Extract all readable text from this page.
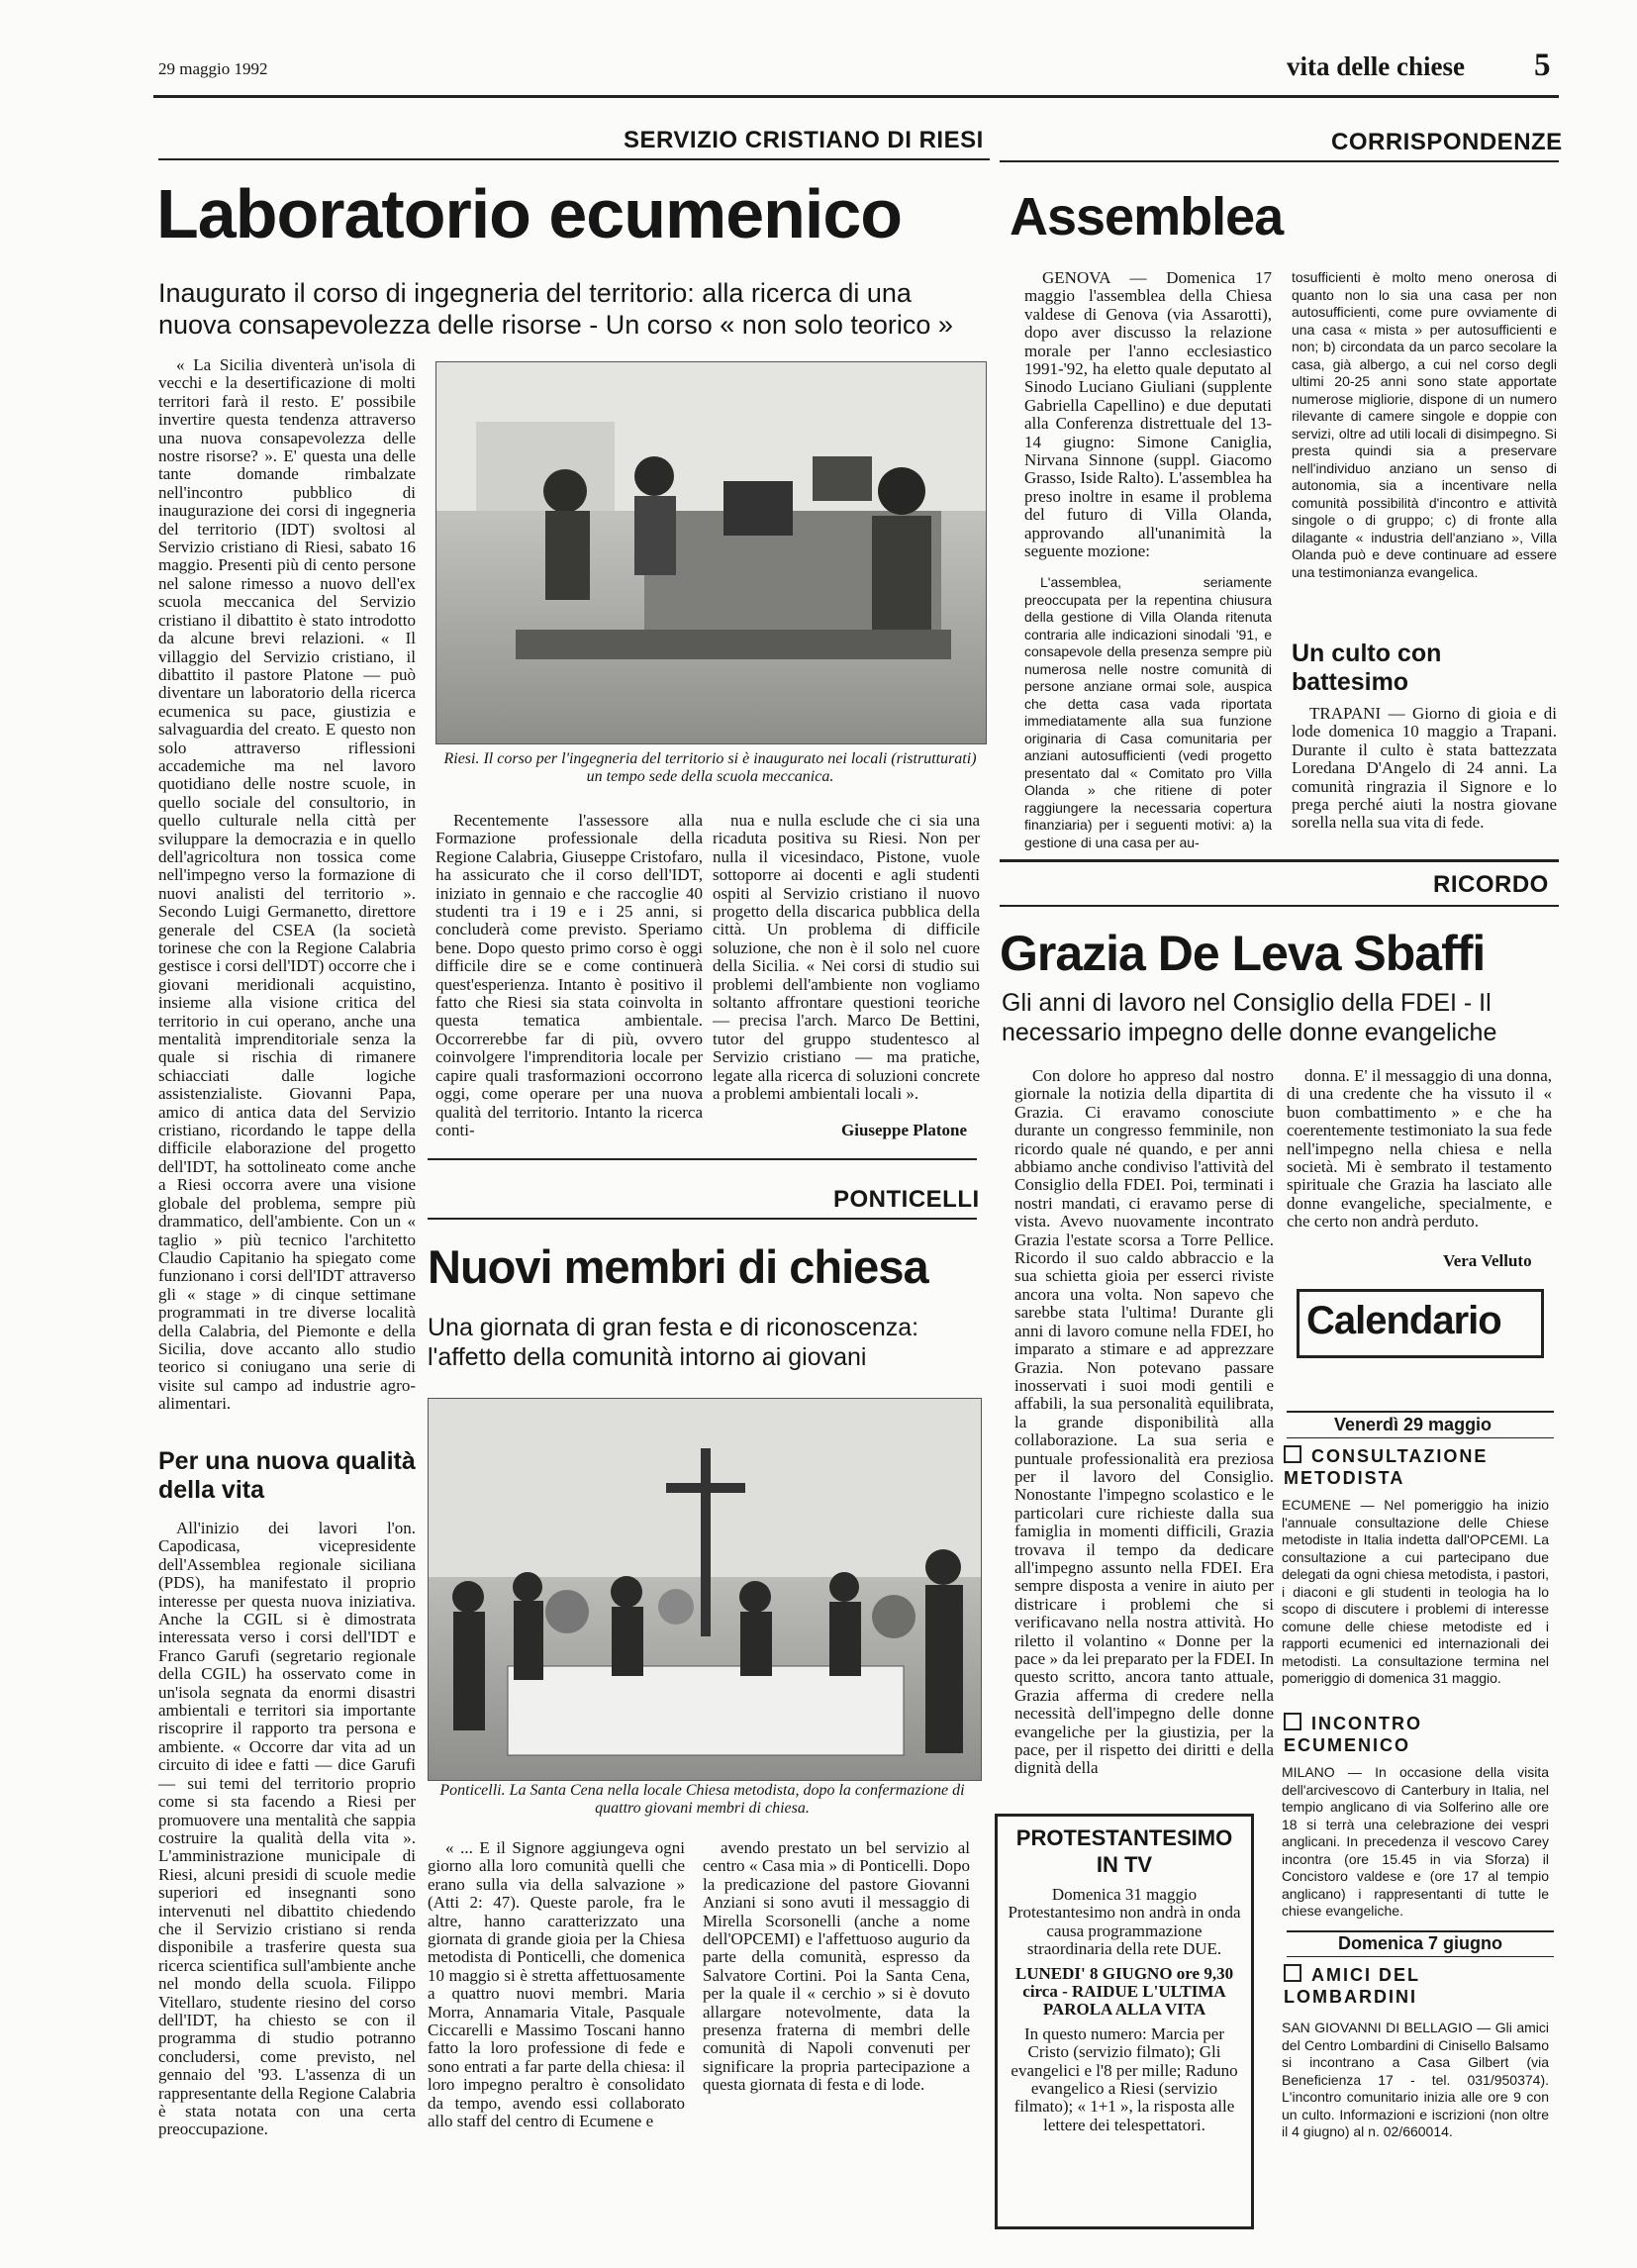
29 maggio 1992	vita delle chiese 5
SERVIZIO CRISTIANO DI RIESI
Laboratorio ecumenico
Inaugurato il corso di ingegneria del territorio: alla ricerca di una nuova consapevolezza delle risorse - Un corso « non solo teorico »

« La Sicilia diventerà un'isola di vecchi e la desertificazione di molti territori farà il resto. E' possibile invertire questa tendenza attraverso una nuova consapevolezza delle nostre risorse? ». E' questa una delle tante domande rimbalzate nell'incontro pubblico di inaugurazione dei corsi di ingegneria del territorio (IDT) svoltosi al Servizio cristiano di Riesi, sabato 16 maggio. Presenti più di cento persone nel salone rimesso a nuovo dell'ex scuola meccanica del Servizio cristiano il dibattito è stato introdotto da alcune brevi relazioni. « Il villaggio del Servizio cristiano, il dibattito il pastore Platone — può diventare un laboratorio della ricerca ecumenica su pace, giustizia e salvaguardia del creato. E questo non solo attraverso riflessioni accademiche ma nel lavoro quotidiano delle nostre scuole, in quello sociale del consultorio, in quello culturale nella città per sviluppare la democrazia e in quello dell'agricoltura non tossica come nell'impegno verso la formazione di nuovi analisti del territorio ». Secondo Luigi Germanetto, direttore generale del CSEA (la società torinese che con la Regione Calabria gestisce i corsi dell'IDT) occorre che i giovani meridionali acquistino, insieme alla visione critica del territorio in cui operano, anche una mentalità imprenditoriale senza la quale si rischia di rimanere schiacciati dalle logiche assistenzialiste. Giovanni Papa, amico di antica data del Servizio cristiano, ricordando le tappe della difficile elaborazione del progetto dell'IDT, ha sottolineato come anche a Riesi occorra avere una visione globale del problema, sempre più drammatico, dell'ambiente. Con un « taglio » più tecnico l'architetto Claudio Capitanio ha spiegato come funzionano i corsi dell'IDT attraverso gli « stage » di cinque settimane programmati in tre diverse località della Calabria, del Piemonte e della Sicilia, dove accanto allo studio teorico si coniugano una serie di visite sul campo ad industrie agro-alimentari.

Per una nuova qualità della vita

All'inizio dei lavori l'on. Capodicasa, vicepresidente dell'Assemblea regionale siciliana (PDS), ha manifestato il proprio interesse per questa nuova iniziativa. Anche la CGIL si è dimostrata interessata verso i corsi dell'IDT e Franco Garufi (segretario regionale della CGIL) ha osservato come in un'isola segnata da enormi disastri ambientali e territori sia importante riscoprire il rapporto tra persona e ambiente. « Occorre dar vita ad un circuito di idee e fatti — dice Garufi — sui temi del territorio proprio come si sta facendo a Riesi per promuovere una mentalità che sappia costruire la qualità della vita ». L'amministrazione municipale di Riesi, alcuni presidi di scuole medie superiori ed insegnanti sono intervenuti nel dibattito chiedendo che il Servizio cristiano si renda disponibile a trasferire questa sua ricerca scientifica sull'ambiente anche nel mondo della scuola. Filippo Vitellaro, studente riesino del corso dell'IDT, ha chiesto se con il programma di studio potranno concludersi, come previsto, nel gennaio del '93. L'assenza di un rappresentante della Regione Calabria è stata notata con una certa preoccupazione.

Riesi. Il corso per l'ingegneria del territorio si è inaugurato nei locali (ristrutturati) un tempo sede della scuola meccanica.

Recentemente l'assessore alla Formazione professionale della Regione Calabria, Giuseppe Cristofaro, ha assicurato che il corso dell'IDT, iniziato in gennaio e che raccoglie 40 studenti tra i 19 e i 25 anni, si concluderà come previsto. Speriamo bene. Dopo questo primo corso è oggi difficile dire se e come continuerà quest'esperienza. Intanto è positivo il fatto che Riesi sia stata coinvolta in questa tematica ambientale. Occorrerebbe far di più, ovvero coinvolgere l'imprenditoria locale per capire quali trasformazioni occorrono oggi, come operare per una nuova qualità del territorio. Intanto la ricerca conti-

nua e nulla esclude che ci sia una ricaduta positiva su Riesi. Non per nulla il vicesindaco, Pistone, vuole sottoporre ai docenti e agli studenti ospiti al Servizio cristiano il nuovo progetto della discarica pubblica della città. Un problema di difficile soluzione, che non è il solo nel cuore della Sicilia. « Nei corsi di studio sui problemi dell'ambiente non vogliamo soltanto affrontare questioni teoriche — precisa l'arch. Marco De Bettini, tutor del gruppo studentesco al Servizio cristiano — ma pratiche, legate alla ricerca di soluzioni concrete a problemi ambientali locali ».

Giuseppe Platone
PONTICELLI
Nuovi membri di chiesa
Una giornata di gran festa e di riconoscenza: l'affetto della comunità intorno ai giovani
Ponticelli. La Santa Cena nella locale Chiesa metodista, dopo la confermazione di quattro giovani membri di chiesa.

« ... E il Signore aggiungeva ogni giorno alla loro comunità quelli che erano sulla via della salvazione » (Atti 2: 47). Queste parole, fra le altre, hanno caratterizzato una giornata di grande gioia per la Chiesa metodista di Ponticelli, che domenica 10 maggio si è stretta affettuosamente a quattro nuovi membri. Maria Morra, Annamaria Vitale, Pasquale Ciccarelli e Massimo Toscani hanno fatto la loro professione di fede e sono entrati a far parte della chiesa: il loro impegno peraltro è consolidato da tempo, avendo essi collaborato allo staff del centro di Ecumene e

avendo prestato un bel servizio al centro « Casa mia » di Ponticelli. Dopo la predicazione del pastore Giovanni Anziani si sono avuti il messaggio di Mirella Scorsonelli (anche a nome dell'OPCEMI) e l'affettuoso augurio da parte della comunità, espresso da Salvatore Cortini. Poi la Santa Cena, per la quale il « cerchio » si è dovuto allargare notevolmente, data la presenza fraterna di membri delle comunità di Napoli convenuti per significare la propria partecipazione a questa giornata di festa e di lode.

CORRISPONDENZE
Assemblea

GENOVA — Domenica 17 maggio l'assemblea della Chiesa valdese di Genova (via Assarotti), dopo aver discusso la relazione morale per l'anno ecclesiastico 1991-'92, ha eletto quale deputato al Sinodo Luciano Giuliani (supplente Gabriella Capellino) e due deputati alla Conferenza distrettuale del 13-14 giugno: Simone Caniglia, Nirvana Sinnone (suppl. Giacomo Grasso, Iside Ralto). L'assemblea ha preso inoltre in esame il problema del futuro di Villa Olanda, approvando all'unanimità la seguente mozione:

L'assemblea, seriamente preoccupata per la repentina chiusura della gestione di Villa Olanda ritenuta contraria alle indicazioni sinodali '91, e consapevole della presenza sempre più numerosa nelle nostre comunità di persone anziane ormai sole, auspica che detta casa vada riportata immediatamente alla sua funzione originaria di Casa comunitaria per anziani autosufficienti (vedi progetto presentato dal « Comitato pro Villa Olanda » che ritiene di poter raggiungere la necessaria copertura finanziaria) per i seguenti motivi: a) la gestione di una casa per au-

tosufficienti è molto meno onerosa di quanto non lo sia una casa per non autosufficienti, come pure ovviamente di una casa « mista » per autosufficienti e non; b) circondata da un parco secolare la casa, già albergo, a cui nel corso degli ultimi 20-25 anni sono state apportate numerose migliorie, dispone di un numero rilevante di camere singole e doppie con servizi, oltre ad utili locali di disimpegno. Si presta quindi sia a preservare nell'individuo anziano un senso di autonomia, sia a incentivare nella comunità possibilità d'incontro e attività singole o di gruppo; c) di fronte alla dilagante « industria dell'anziano », Villa Olanda può e deve continuare ad essere una testimonianza evangelica.

Un culto con battesimo

TRAPANI — Giorno di gioia e di lode domenica 10 maggio a Trapani. Durante il culto è stata battezzata Loredana D'Angelo di 24 anni. La comunità ringrazia il Signore e lo prega perché aiuti la nostra giovane sorella nella sua vita di fede.

RICORDO
Grazia De Leva Sbaffi
Gli anni di lavoro nel Consiglio della FDEI - Il necessario impegno delle donne evangeliche

Con dolore ho appreso dal nostro giornale la notizia della dipartita di Grazia. Ci eravamo conosciute durante un congresso femminile, non ricordo quale né quando, e per anni abbiamo anche condiviso l'attività del Consiglio della FDEI. Poi, terminati i nostri mandati, ci eravamo perse di vista. Avevo nuovamente incontrato Grazia l'estate scorsa a Torre Pellice. Ricordo il suo caldo abbraccio e la sua schietta gioia per esserci riviste ancora una volta. Non sapevo che sarebbe stata l'ultima! Durante gli anni di lavoro comune nella FDEI, ho imparato a stimare e ad apprezzare Grazia. Non potevano passare inosservati i suoi modi gentili e affabili, la sua personalità equilibrata, la grande disponibilità alla collaborazione. La sua seria e puntuale professionalità era preziosa per il lavoro del Consiglio. Nonostante l'impegno scolastico e le particolari cure richieste dalla sua famiglia in momenti difficili, Grazia trovava il tempo da dedicare all'impegno assunto nella FDEI. Era sempre disposta a venire in aiuto per districare i problemi che si verificavano nella nostra attività. Ho riletto il volantino « Donne per la pace » da lei preparato per la FDEI. In questo scritto, ancora tanto attuale, Grazia afferma di credere nella necessità dell'impegno delle donne evangeliche per la giustizia, per la pace, per il rispetto dei diritti e della dignità della

donna. E' il messaggio di una donna, di una credente che ha vissuto il « buon combattimento » e che ha coerentemente testimoniato la sua fede nell'impegno nella chiesa e nella società. Mi è sembrato il testamento spirituale che Grazia ha lasciato alle donne evangeliche, specialmente, e che certo non andrà perduto.

Vera Velluto
PROTESTANTESIMO IN TV
Domenica 31 maggio Protestantesimo non andrà in onda causa programmazione straordinaria della rete DUE.
LUNEDI' 8 GIUGNO ore 9,30 circa - RAIDUE L'ULTIMA PAROLA ALLA VITA
In questo numero: Marcia per Cristo (servizio filmato); Gli evangelici e l'8 per mille; Raduno evangelico a Riesi (servizio filmato); « 1+1 », la risposta alle lettere dei telespettatori.
Calendario
Venerdì 29 maggio
CONSULTAZIONE METODISTA

ECUMENE — Nel pomeriggio ha inizio l'annuale consultazione delle Chiese metodiste in Italia indetta dall'OPCEMI. La consultazione a cui partecipano due delegati da ogni chiesa metodista, i pastori, i diaconi e gli studenti in teologia ha lo scopo di discutere i problemi di interesse comune delle chiese metodiste ed i rapporti ecumenici ed internazionali dei metodisti. La consultazione termina nel pomeriggio di domenica 31 maggio.

INCONTRO ECUMENICO

MILANO — In occasione della visita dell'arcivescovo di Canterbury in Italia, nel tempio anglicano di via Solferino alle ore 18 si terrà una celebrazione dei vespri anglicani. In precedenza il vescovo Carey incontra (ore 15.45 in via Sforza) il Concistoro valdese e (ore 17 al tempio anglicano) i rappresentanti di tutte le chiese evangeliche.

Domenica 7 giugno
AMICI DEL LOMBARDINI

SAN GIOVANNI DI BELLAGIO — Gli amici del Centro Lombardini di Cinisello Balsamo si incontrano a Casa Gilbert (via Beneficienza 17 - tel. 031/950374). L'incontro comunitario inizia alle ore 9 con un culto. Informazioni e iscrizioni (non oltre il 4 giugno) al n. 02/660014.
